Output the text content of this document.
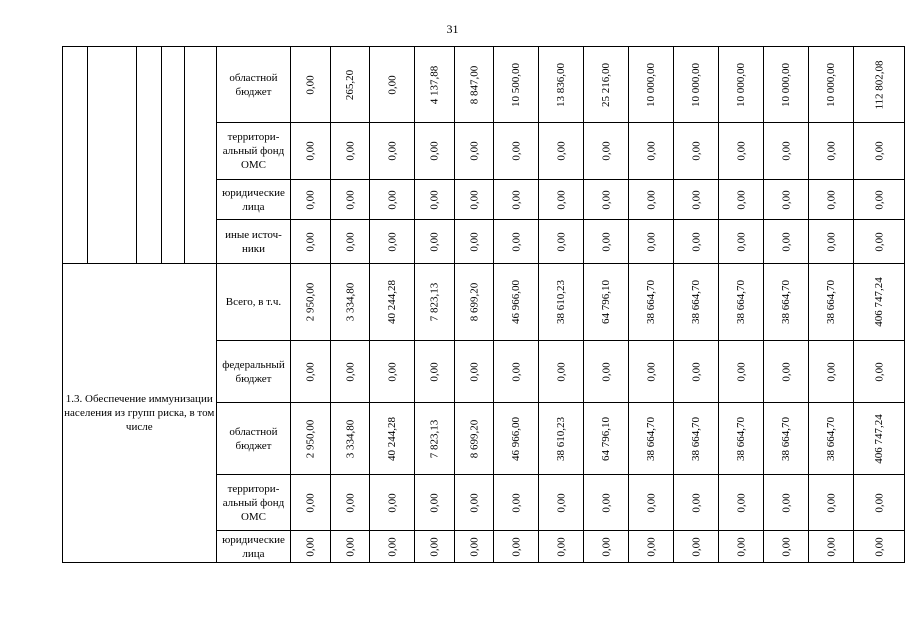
31
					областной бюджет	0,00	265,20	0,00	4 137,88	8 847,00	10 500,00	13 836,00	25 216,00	10 000,00	10 000,00	10 000,00	10 000,00	10 000,00	112 802,08
					территори-альный фонд ОМС	0,00	0,00	0,00	0,00	0,00	0,00	0,00	0,00	0,00	0,00	0,00	0,00	0,00	0,00
					юридические лица	0,00	0,00	0,00	0,00	0,00	0,00	0,00	0,00	0,00	0,00	0,00	0,00	0,00	0,00
					иные источ-ники	0,00	0,00	0,00	0,00	0,00	0,00	0,00	0,00	0,00	0,00	0,00	0,00	0,00	0,00
1.3. Обеспечение иммунизации населения из групп риска, в том числе					Всего, в т.ч.	2 950,00	3 334,80	40 244,28	7 823,13	8 699,20	46 966,00	38 610,23	64 796,10	38 664,70	38 664,70	38 664,70	38 664,70	38 664,70	406 747,24
					федеральный бюджет	0,00	0,00	0,00	0,00	0,00	0,00	0,00	0,00	0,00	0,00	0,00	0,00	0,00	0,00
					областной бюджет	2 950,00	3 334,80	40 244,28	7 823,13	8 699,20	46 966,00	38 610,23	64 796,10	38 664,70	38 664,70	38 664,70	38 664,70	38 664,70	406 747,24
					территори-альный фонд ОМС	0,00	0,00	0,00	0,00	0,00	0,00	0,00	0,00	0,00	0,00	0,00	0,00	0,00	0,00
					юридические лица	0,00	0,00	0,00	0,00	0,00	0,00	0,00	0,00	0,00	0,00	0,00	0,00	0,00	0,00
